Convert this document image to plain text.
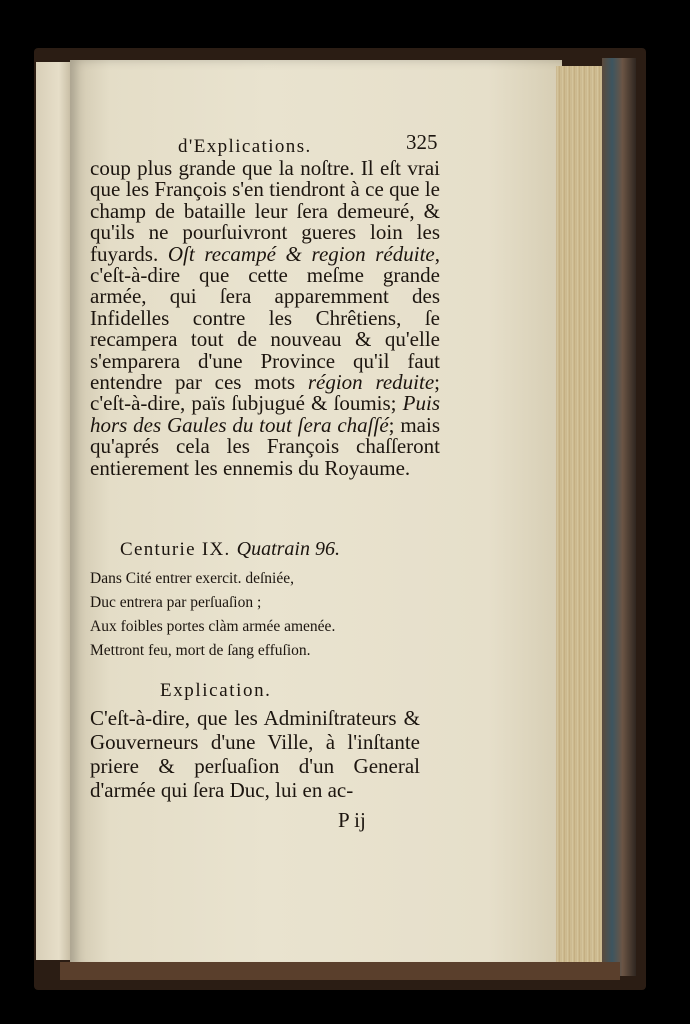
d'Explications.	325
coup plus grande que la noſtre. Il eſt vrai que les François s'en tiendront à ce que le champ de bataille leur ſera demeuré, & qu'ils ne pourſuivront gueres loin les fuyards. Oſt recampé & region réduite, c'eſt-à-dire que cette meſme grande armée, qui ſera apparemment des Infidelles contre les Chrêtiens, ſe recampera tout de nouveau & qu'elle s'emparera d'une Province qu'il faut entendre par ces mots région reduite; c'eſt-à-dire, païs ſubjugué & ſoumis; Puis hors des Gaules du tout ſera chaſſé; mais qu'aprés cela les François chaſſeront entierement les ennemis du Royaume.
Centurie IX. Quatrain 96.
Dans Cité entrer exercit. deſniée,
Duc entrera par perſuaſion ;
Aux foibles portes clàm armée amenée.
Mettront feu, mort de ſang effuſion.
Explication.
C'eſt-à-dire, que les Adminiſtrateurs & Gouverneurs d'une Ville, à l'inſtante priere & perſuaſion d'un General d'armée qui ſera Duc, lui en ac-
P ij
